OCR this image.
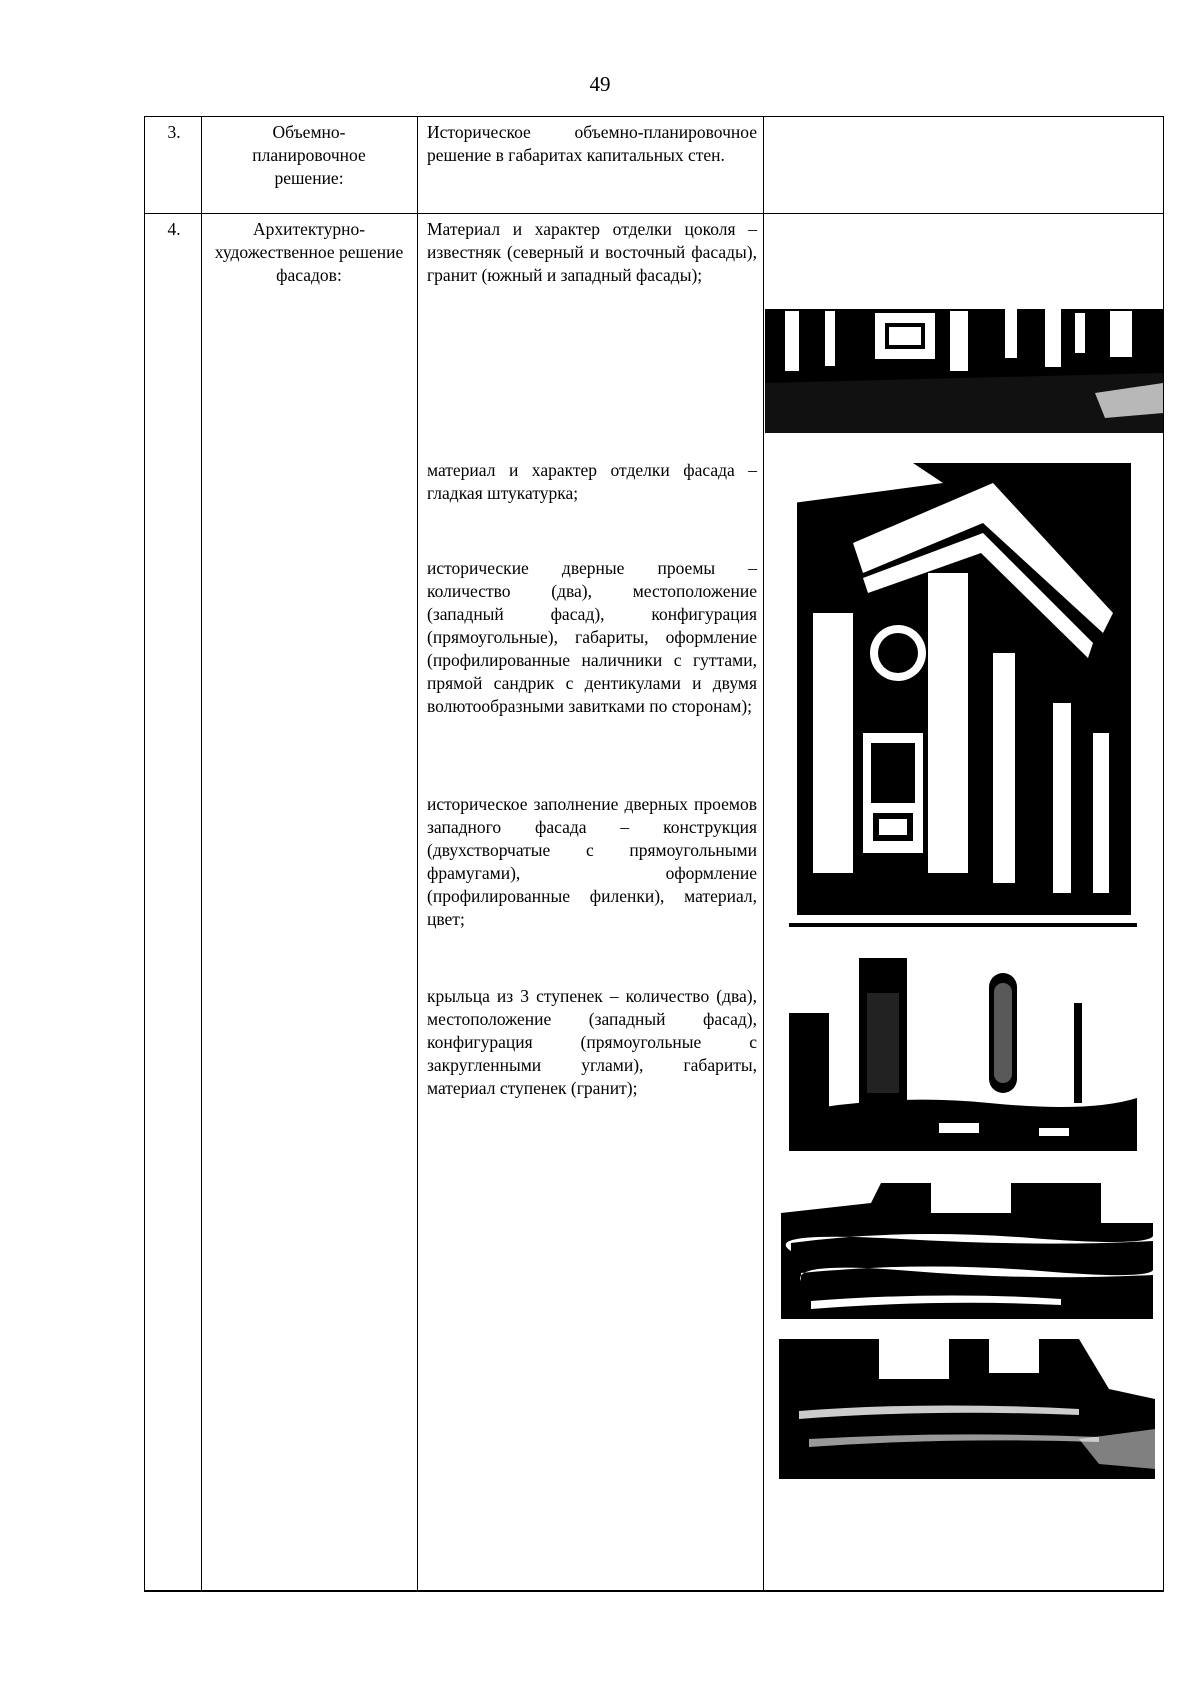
49
3.	Объемно-планировочное решение:
Историческое объемно-планировочное решение в габаритах капитальных стен.
4.	Архитектурно-художественное решение фасадов:
Материал и характер отделки цоколя – известняк (северный и восточный фасады), гранит (южный и западный фасады);
материал и характер отделки фасада – гладкая штукатурка;
исторические дверные проемы – количество (два), местоположение (западный фасад), конфигурация (прямоугольные), габариты, оформление (профилированные наличники с гуттами, прямой сандрик с дентикулами и двумя волютообразными завитками по сторонам);
историческое заполнение дверных проемов западного фасада – конструкция (двухстворчатые с прямоугольными фрамугами), оформление (профилированные филенки), материал, цвет;
крыльца из 3 ступенек – количество (два), местоположение (западный фасад), конфигурация (прямоугольные с закругленными углами), габариты, материал ступенек (гранит);
